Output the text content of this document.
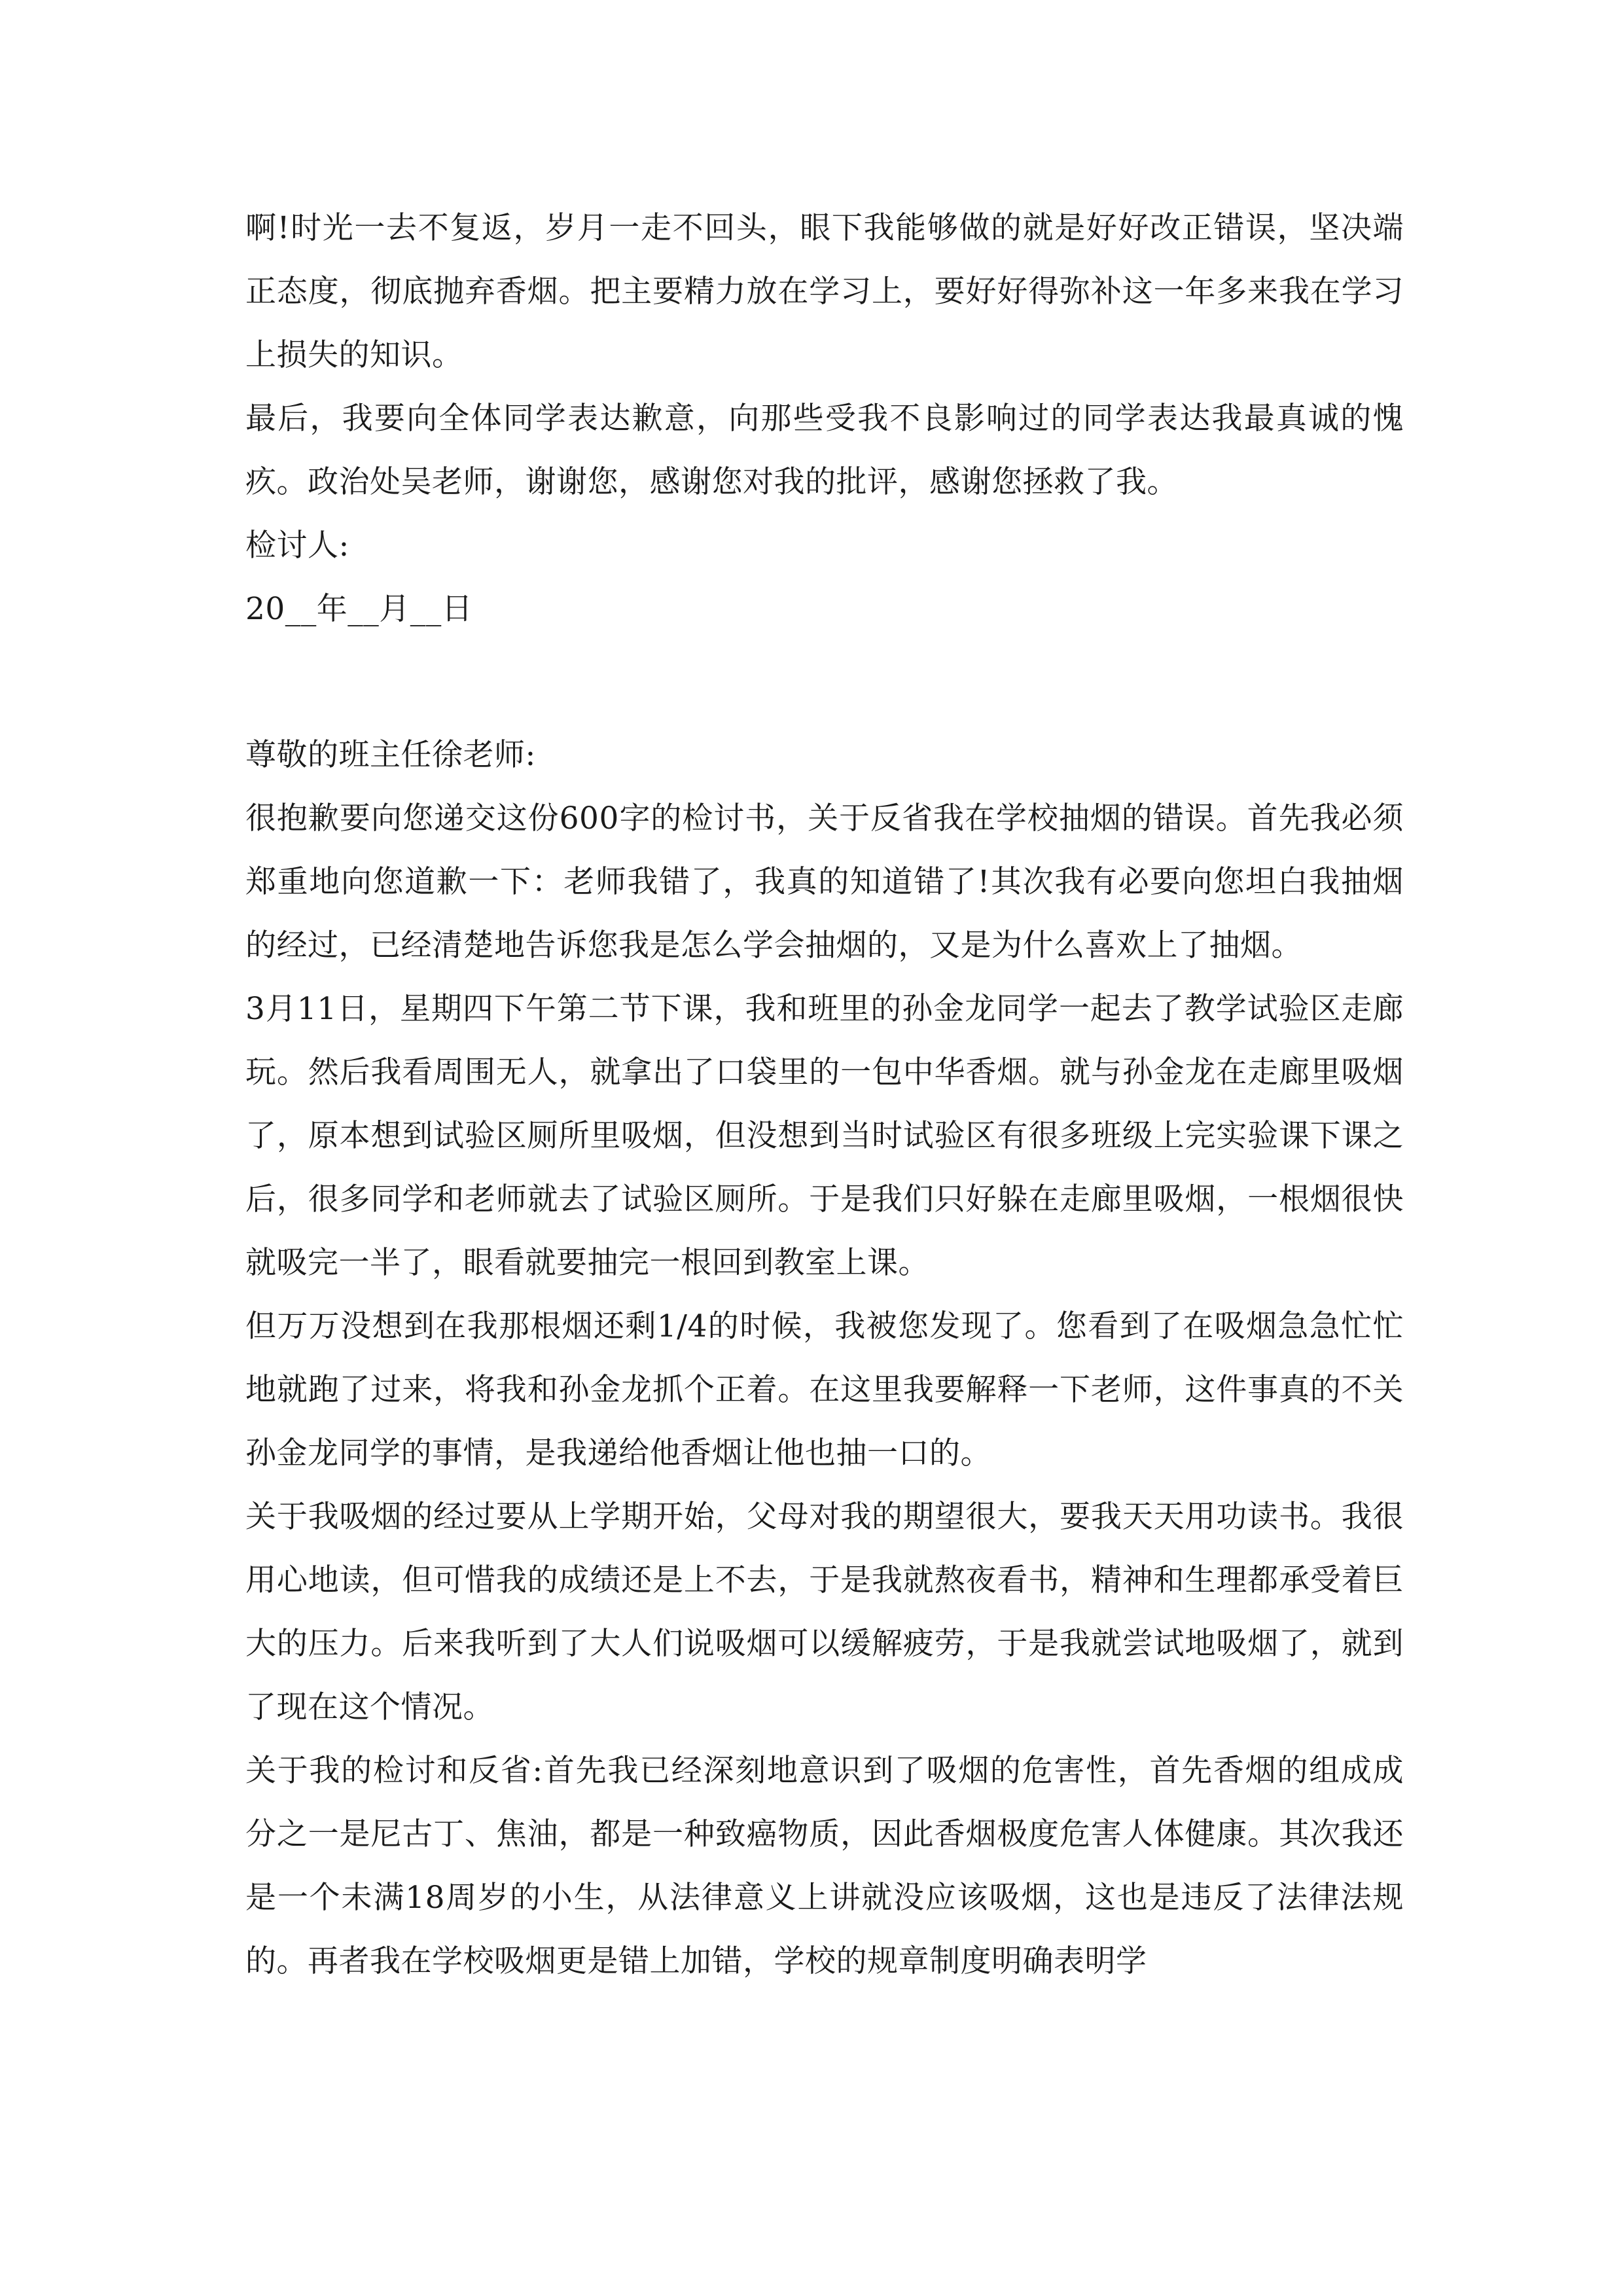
啊!时光一去不复返，岁月一走不回头，眼下我能够做的就是好好改正错误，坚决端正态度，彻底抛弃香烟。把主要精力放在学习上，要好好得弥补这一年多来我在学习上损失的知识。

最后，我要向全体同学表达歉意，向那些受我不良影响过的同学表达我最真诚的愧疚。政治处吴老师，谢谢您，感谢您对我的批评，感谢您拯救了我。

检讨人:

20__年__月__日

尊敬的班主任徐老师:

很抱歉要向您递交这份600字的检讨书，关于反省我在学校抽烟的错误。首先我必须郑重地向您道歉一下：老师我错了，我真的知道错了!其次我有必要向您坦白我抽烟的经过，已经清楚地告诉您我是怎么学会抽烟的，又是为什么喜欢上了抽烟。

3月11日，星期四下午第二节下课，我和班里的孙金龙同学一起去了教学试验区走廊玩。然后我看周围无人，就拿出了口袋里的一包中华香烟。就与孙金龙在走廊里吸烟了，原本想到试验区厕所里吸烟，但没想到当时试验区有很多班级上完实验课下课之后，很多同学和老师就去了试验区厕所。于是我们只好躲在走廊里吸烟，一根烟很快就吸完一半了，眼看就要抽完一根回到教室上课。

但万万没想到在我那根烟还剩1/4的时候，我被您发现了。您看到了在吸烟急急忙忙地就跑了过来，将我和孙金龙抓个正着。在这里我要解释一下老师，这件事真的不关孙金龙同学的事情，是我递给他香烟让他也抽一口的。

关于我吸烟的经过要从上学期开始，父母对我的期望很大，要我天天用功读书。我很用心地读，但可惜我的成绩还是上不去，于是我就熬夜看书，精神和生理都承受着巨大的压力。后来我听到了大人们说吸烟可以缓解疲劳，于是我就尝试地吸烟了，就到了现在这个情况。

关于我的检讨和反省:首先我已经深刻地意识到了吸烟的危害性，首先香烟的组成成分之一是尼古丁、焦油，都是一种致癌物质，因此香烟极度危害人体健康。其次我还是一个未满18周岁的小生，从法律意义上讲就没应该吸烟，这也是违反了法律法规的。再者我在学校吸烟更是错上加错，学校的规章制度明确表明学
